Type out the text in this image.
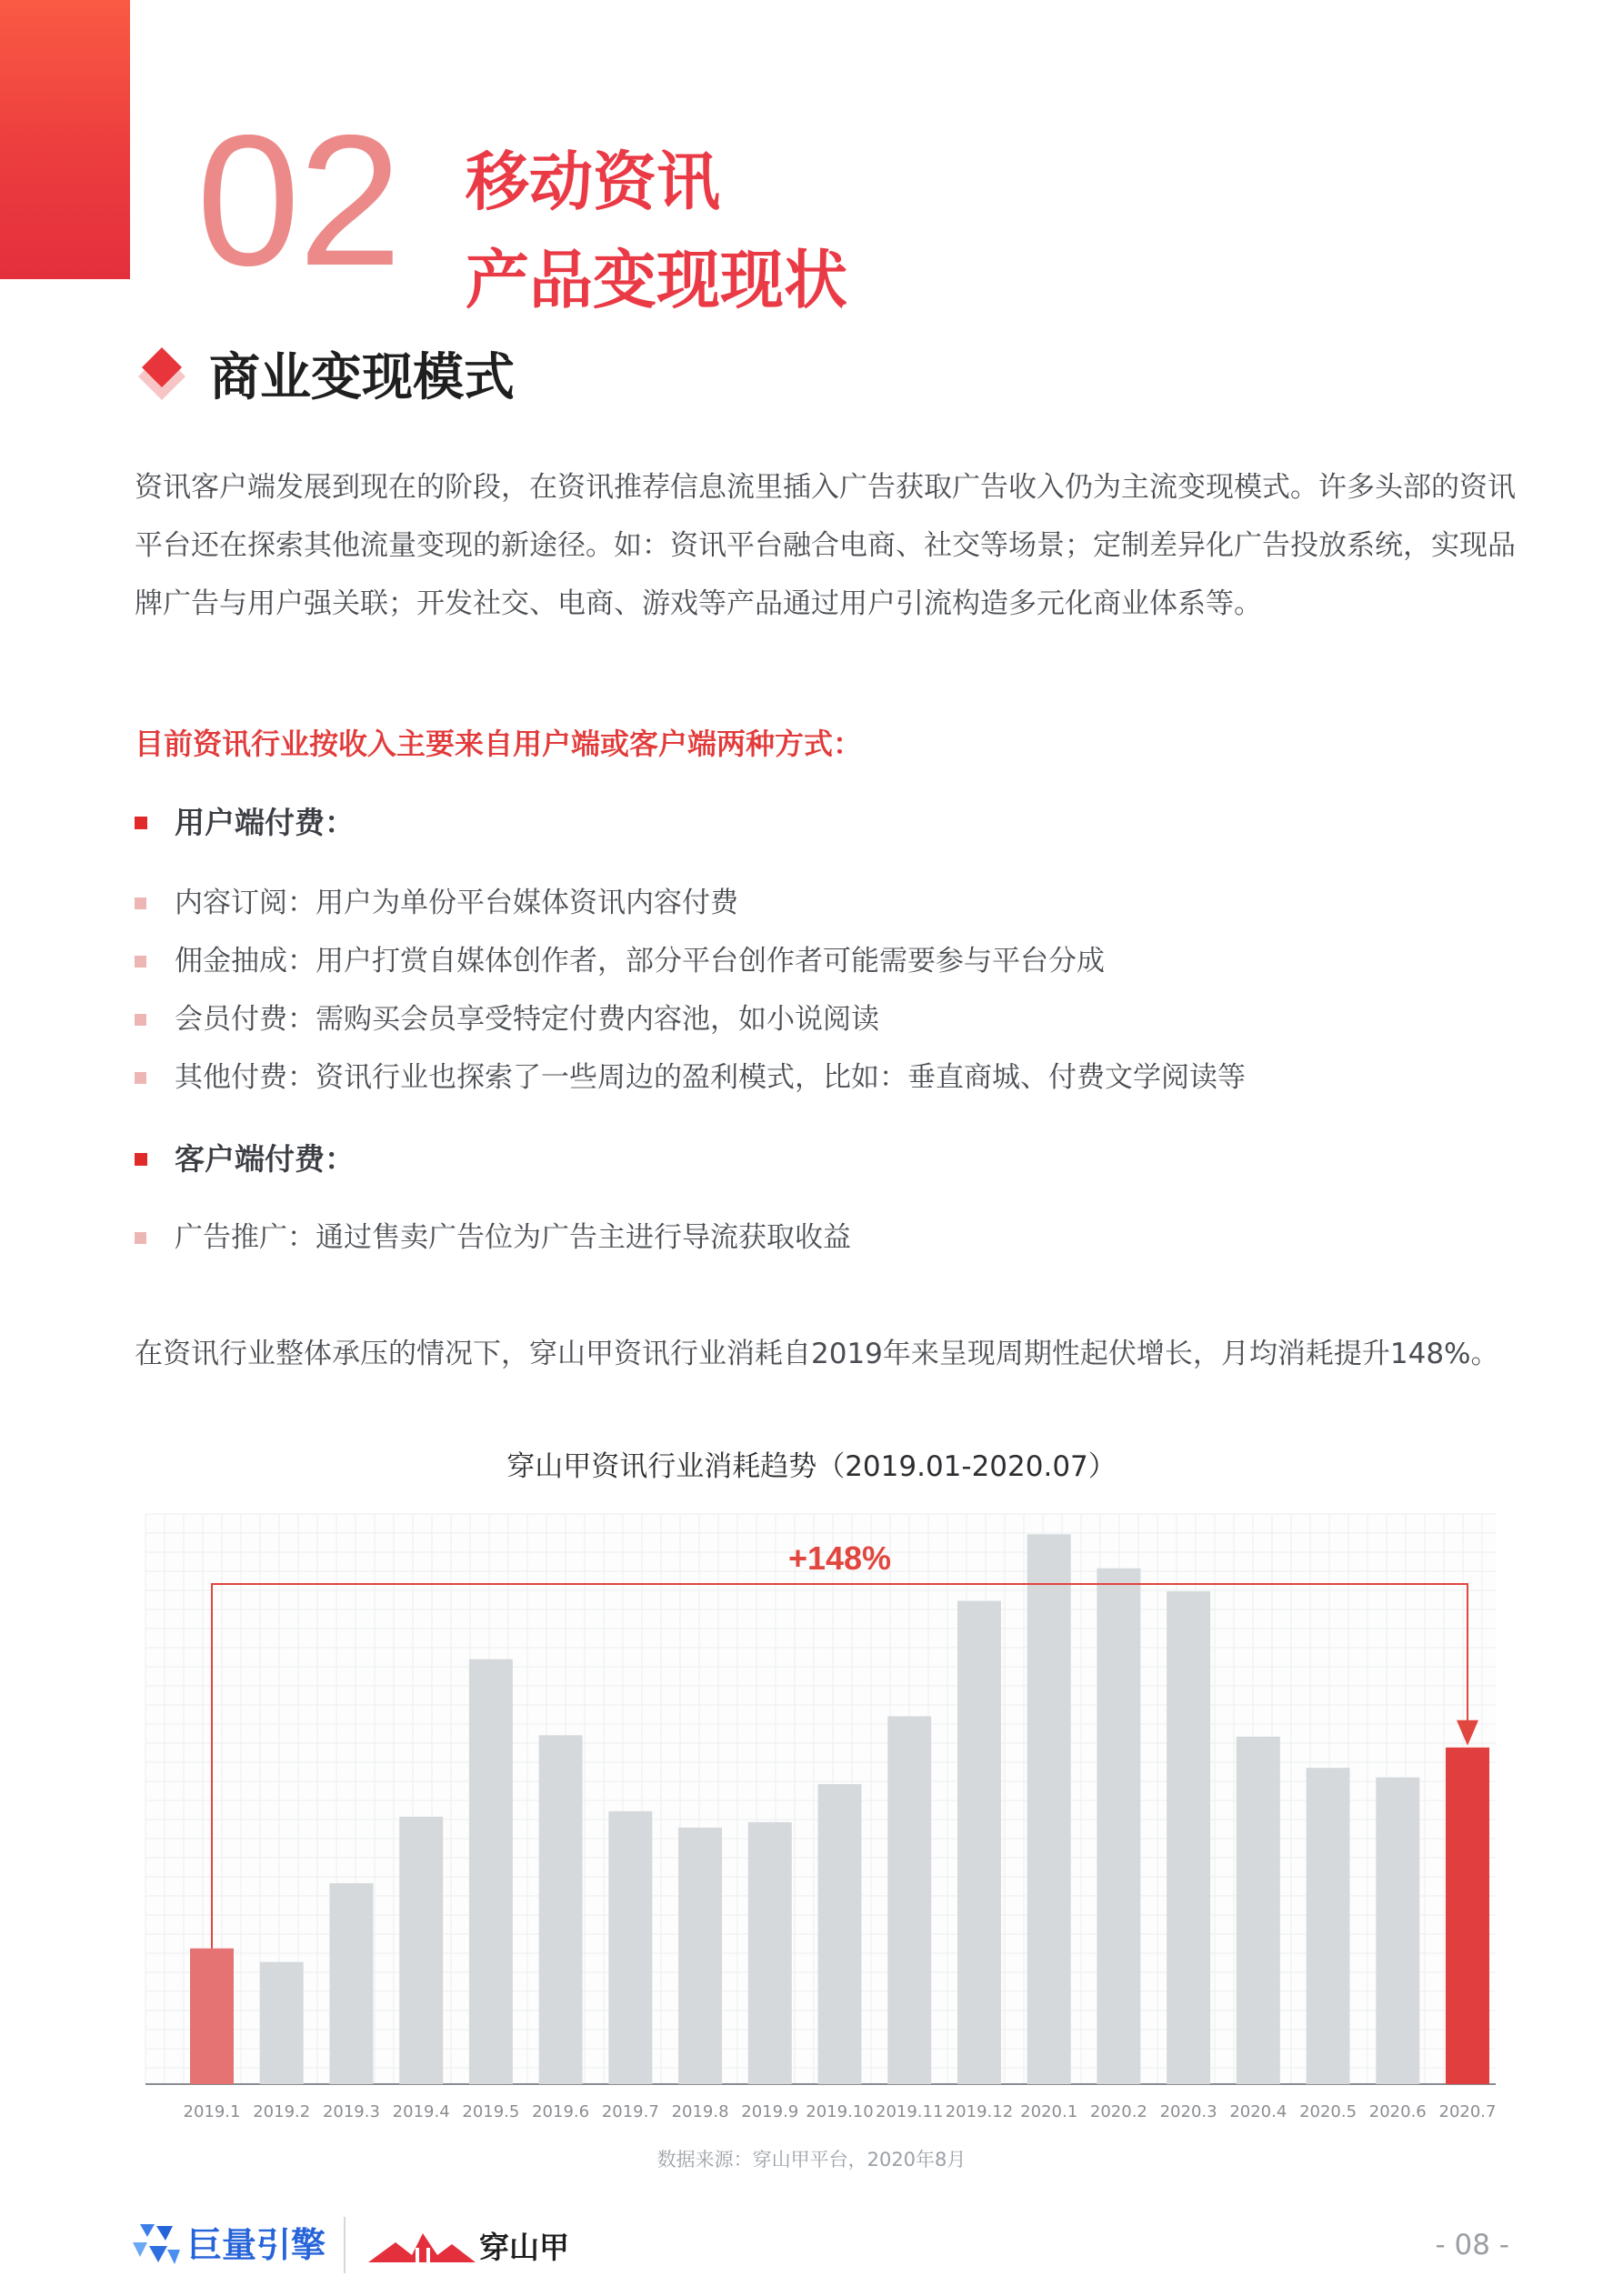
02	移动资讯
产品变现现状
商业变现模式

资讯客户端发展到现在的阶段，在资讯推荐信息流里插入广告获取广告收入仍为主流变现模式。许多头部的资讯平台还在探索其他流量变现的新途径。如：资讯平台融合电商、社交等场景；定制差异化广告投放系统，实现品牌广告与用户强关联；开发社交、电商、游戏等产品通过用户引流构造多元化商业体系等。

目前资讯行业按收入主要来自用户端或客户端两种方式：
用户端付费：
内容订阅：用户为单份平台媒体资讯内容付费
佣金抽成：用户打赏自媒体创作者，部分平台创作者可能需要参与平台分成
会员付费：需购买会员享受特定付费内容池，如小说阅读
其他付费：资讯行业也探索了一些周边的盈利模式，比如：垂直商城、付费文学阅读等
客户端付费：
广告推广：通过售卖广告位为广告主进行导流获取收益

在资讯行业整体承压的情况下，穿山甲资讯行业消耗自2019年来呈现周期性起伏增长，月均消耗提升148%。

穿山甲资讯行业消耗趋势（2019.01-2020.07）
2019.1 2019.2 2019.3 2019.4 2019.5 2019.6 2019.7 2019.8 2019.9 2019.10 2019.11 2019.12 2020.1 2020.2 2020.3 2020.4 2020.5 2020.6 2020.7
+148%
数据来源：穿山甲平台，2020年8月
巨量引擎	穿山甲	- 08 -
